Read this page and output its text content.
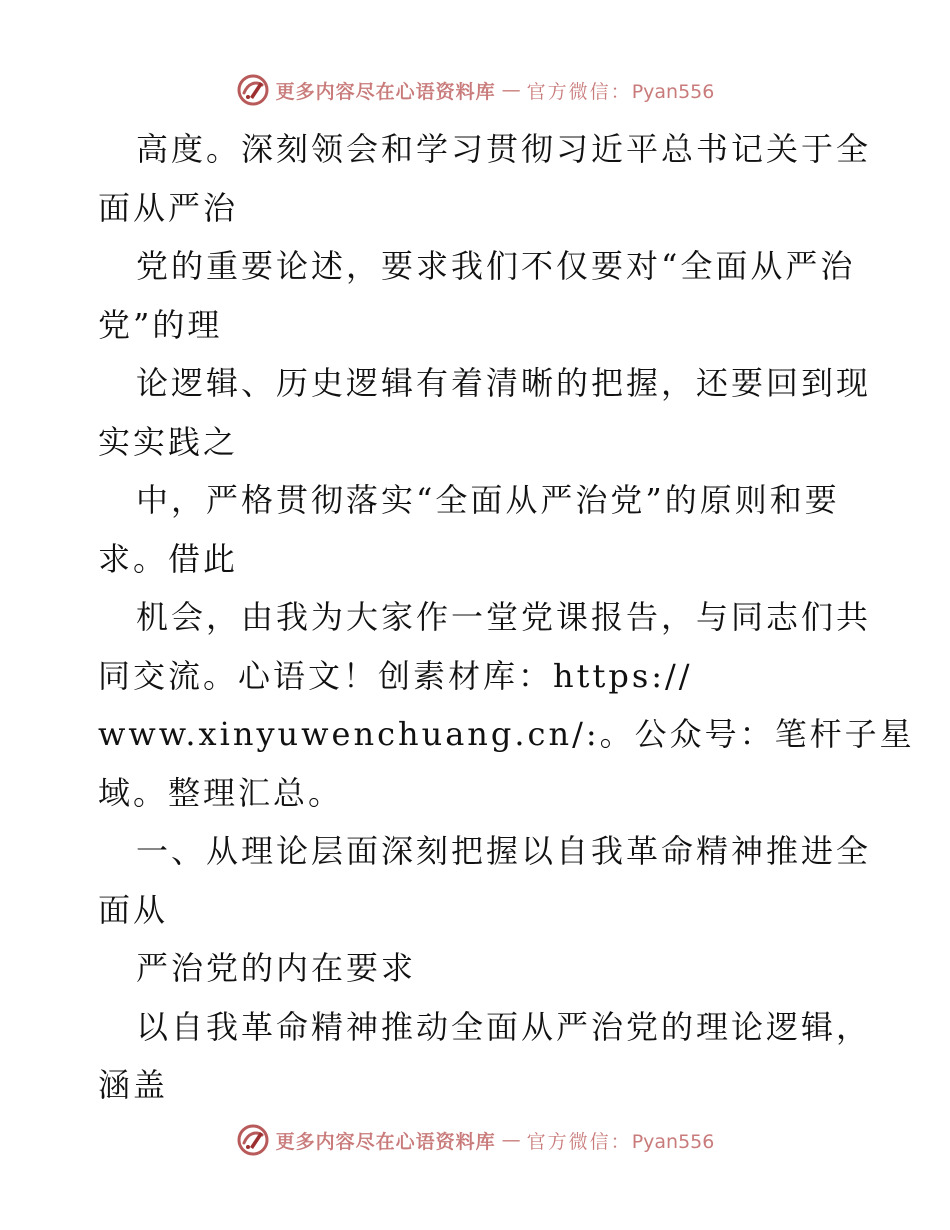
更多内容尽在心语资料库 — 官方微信：Pyan556
高度。深刻领会和学习贯彻习近平总书记关于全
面从严治
党的重要论述，要求我们不仅要对“全面从严治
党”的理
论逻辑、历史逻辑有着清晰的把握，还要回到现
实实践之
中，严格贯彻落实“全面从严治党”的原则和要
求。借此
机会，由我为大家作一堂党课报告，与同志们共
同交流。心语文！创素材库：https://
www.xinyuwenchuang.cn/:。公众号：笔杆子星
域。整理汇总。
一、从理论层面深刻把握以自我革命精神推进全
面从
严治党的内在要求
以自我革命精神推动全面从严治党的理论逻辑，
涵盖
更多内容尽在心语资料库 — 官方微信：Pyan556
